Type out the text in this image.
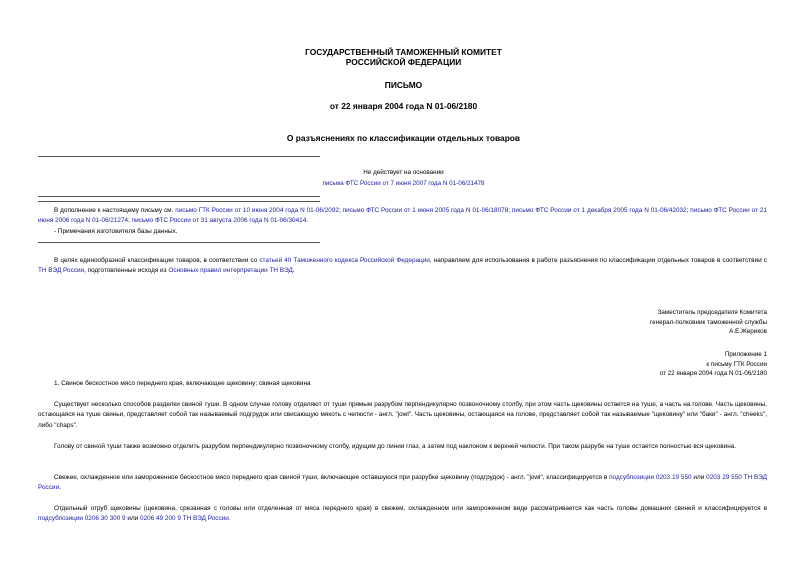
ГОСУДАРСТВЕННЫЙ ТАМОЖЕННЫЙ КОМИТЕТ
РОССИЙСКОЙ ФЕДЕРАЦИИ
ПИСЬМО
от 22 января 2004 года N 01-06/2180
О разъяснениях по классификации отдельных товаров
Не действует на основании
письма ФТС России от 7 июня 2007 года N 01-06/21478
В дополнение к настоящему письму см. письмо ГТК России от 10 июня 2004 года N 01-06/2092; письмо ФТС России от 1 июня 2005 года N 01-06/18078; письмо ФТС России от 1 декабря 2005 года N 01-06/42032; письмо ФТС России от 21 июня 2006 года N 01-06/21274; письмо ФТС России от 31 августа 2006 года N 01-06/30414.
- Примечания изготовителя базы данных.
В целях единообразной классификации товаров, в соответствии со статьей 40 Таможенного кодекса Российской Федерации, направляем для использования в работе разъяснения по классификации отдельных товаров в соответствии с ТН ВЭД России, подготовленные исходя из Основных правил интерпретации ТН ВЭД.
Заместитель председателя Комитета
генерал-полковник таможенной службы
А.Е.Жериков
Приложение 1
к письму ГТК России
от 22 января 2004 года N 01-06/2180
1. Свиное бескостное мясо переднего края, включающее щековину; свиная щековина
Существует несколько способов разделки свиной туши. В одном случае голову отделяют от туши прямым разрубом перпендикулярно позвоночному столбу, при этом часть щековины остается на туше, а часть на голове. Часть щековины, остающаяся на туше свиньи, представляет собой так называемый подгрудок или свисающую мякоть с челюсти - англ. "jowl". Часть щековины, остающаяся на голове, представляет собой так называемые "щековину" или "баки" - англ. "cheeks", либо "chaps".
Голову от свиной туши также возможно отделить разрубом перпендикулярно позвоночному столбу, идущим до линии глаз, а затем под наклоном к верхней челюсти. При таком разрубе на туше остается полностью вся щековина.
Свежее, охлажденное или замороженное бескостное мясо переднего края свиной туши, включающее оставшуюся при разрубке щековину (подгрудок) - англ. "jowl", классифицируется в подсубпозиции 0203 19 550 или 0203 29 550 ТН ВЭД России.
Отдельный отруб щековины (щековина, срезанная с головы или отделенная от мяса переднего края) в свежем, охлажденном или замороженном виде рассматривается как часть головы домашних свиней и классифицируется в подсубпозиции 0206 30 300 9 или 0206 49 200 9 ТН ВЭД России.
